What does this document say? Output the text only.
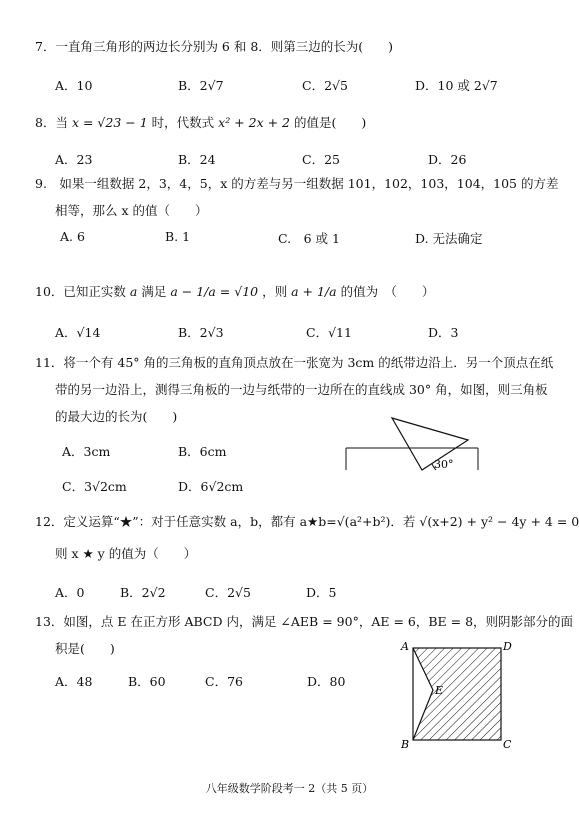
7．一直角三角形的两边长分别为 6 和 8．则第三边的长为(　　)
A．10	B．2√7	C．2√5	D．10 或 2√7
8．当 x = √23 − 1 时，代数式 x² + 2x + 2 的值是(　　)
A．23	B．24	C．25	D．26
9.　如果一组数据 2，3，4，5，x 的方差与另一组数据 101，102，103，104，105 的方差
相等，那么 x 的值（　　）
A. 6	B. 1	C.　6 或 1	D. 无法确定
10．已知正实数 a 满足 a − 1/a = √10 ，则 a + 1/a 的值为　（　　）
A．√14	B．2√3	C．√11	D．3
11．将一个有 45° 角的三角板的直角顶点放在一张宽为 3cm 的纸带边沿上．另一个顶点在纸
带的另一边沿上，测得三角板的一边与纸带的一边所在的直线成 30° 角，如图，则三角板
的最大边的长为(　　)
A．3cm	B．6cm
C．3√2cm	D．6√2cm
30°
12．定义运算“★”：对于任意实数 a，b，都有 a★b=√(a²+b²)．若 √(x+2) + y² − 4y + 4 = 0
则 x ★ y 的值为（　　）
A．0	B．2√2	C．2√5	D．5
13．如图，点 E 在正方形 ABCD 内，满足 ∠AEB = 90°，AE = 6，BE = 8，则阴影部分的面
积是(　　)
A．48	B．60	C．76	D．80
A	D
B	C
E
八年级数学阶段考一 2（共 5 页）
